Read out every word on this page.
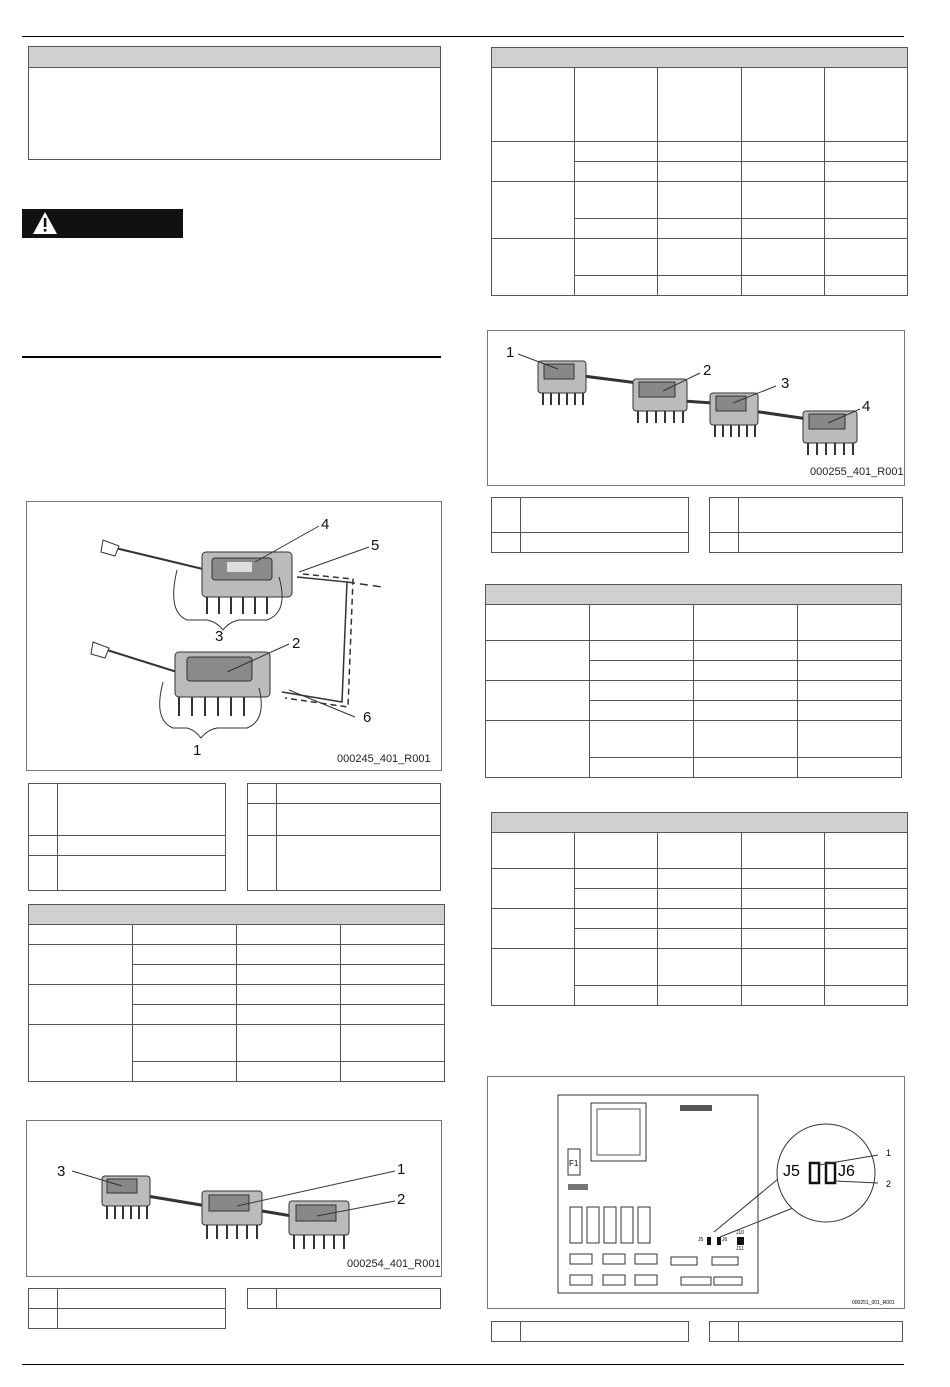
4
5
3	2
6
1	000245_401_R001

3	1
2
000254_401_R001

1
2
3
4
000255_401_R001

F1	J5 J6
J5	J6
J10
J11
1
2
000251_001_R001
